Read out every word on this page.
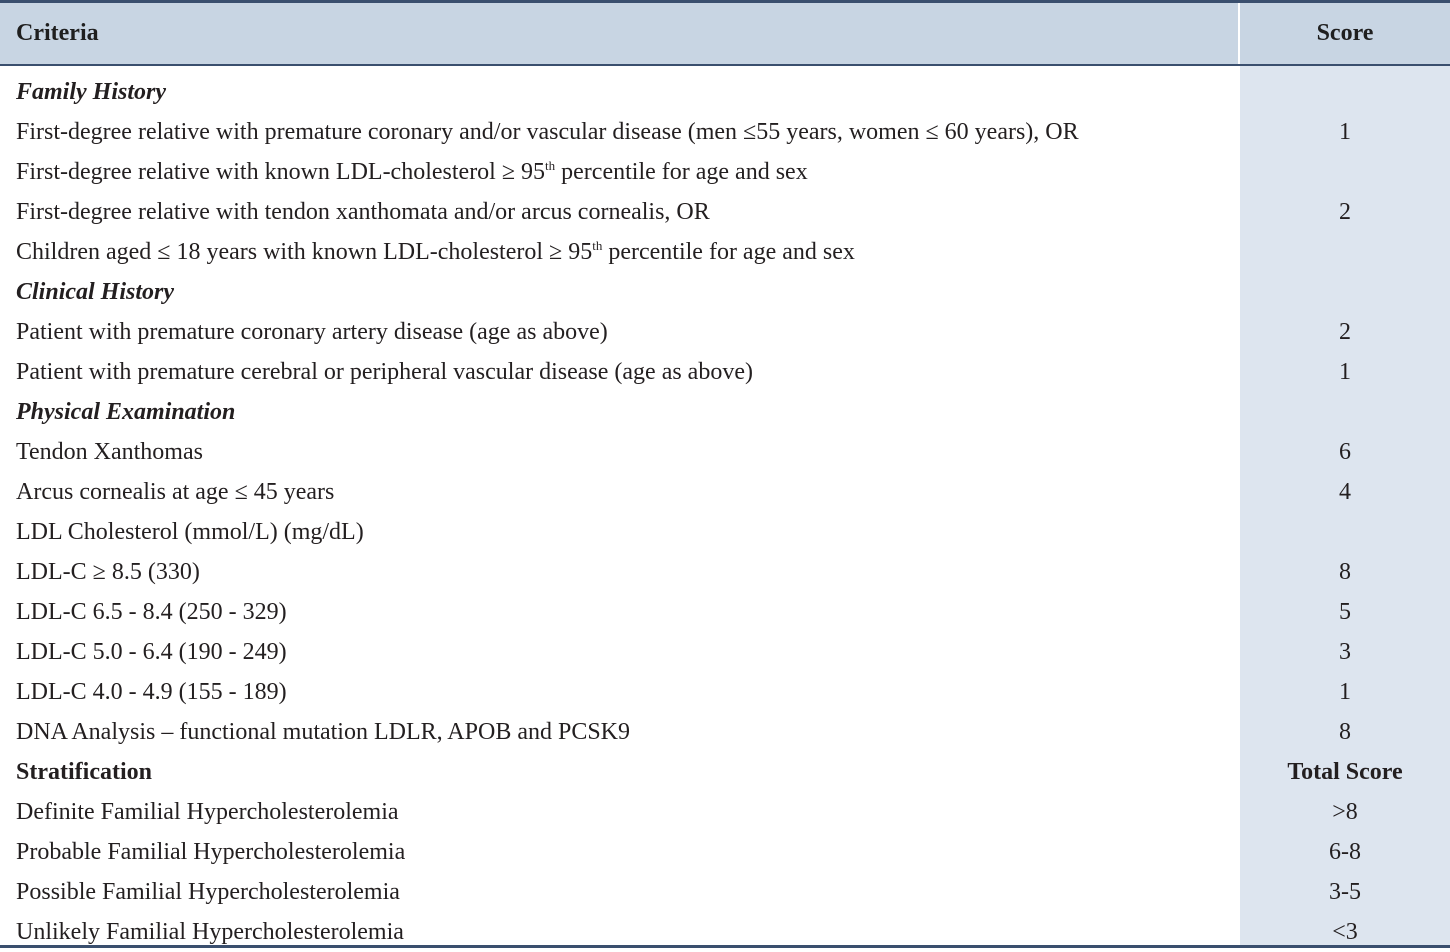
Criteria	Score
Family History
First-degree relative with premature coronary and/or vascular disease (men ≤55 years, women ≤ 60 years), OR	1
First-degree relative with known LDL-cholesterol ≥ 95th percentile for age and sex
First-degree relative with tendon xanthomata and/or arcus cornealis, OR	2
Children aged ≤ 18 years with known LDL-cholesterol ≥ 95th percentile for age and sex
Clinical History
Patient with premature coronary artery disease (age as above)	2
Patient with premature cerebral or peripheral vascular disease (age as above)	1
Physical Examination
Tendon Xanthomas	6
Arcus cornealis at age ≤ 45 years	4
LDL Cholesterol (mmol/L) (mg/dL)
LDL-C ≥ 8.5 (330)	8
LDL-C 6.5 - 8.4 (250 - 329)	5
LDL-C 5.0 - 6.4 (190 - 249)	3
LDL-C 4.0 - 4.9 (155 - 189)	1
DNA Analysis – functional mutation LDLR, APOB and PCSK9	8
Stratification	Total Score
Definite Familial Hypercholesterolemia	>8
Probable Familial Hypercholesterolemia	6-8
Possible Familial Hypercholesterolemia	3-5
Unlikely Familial Hypercholesterolemia	<3
